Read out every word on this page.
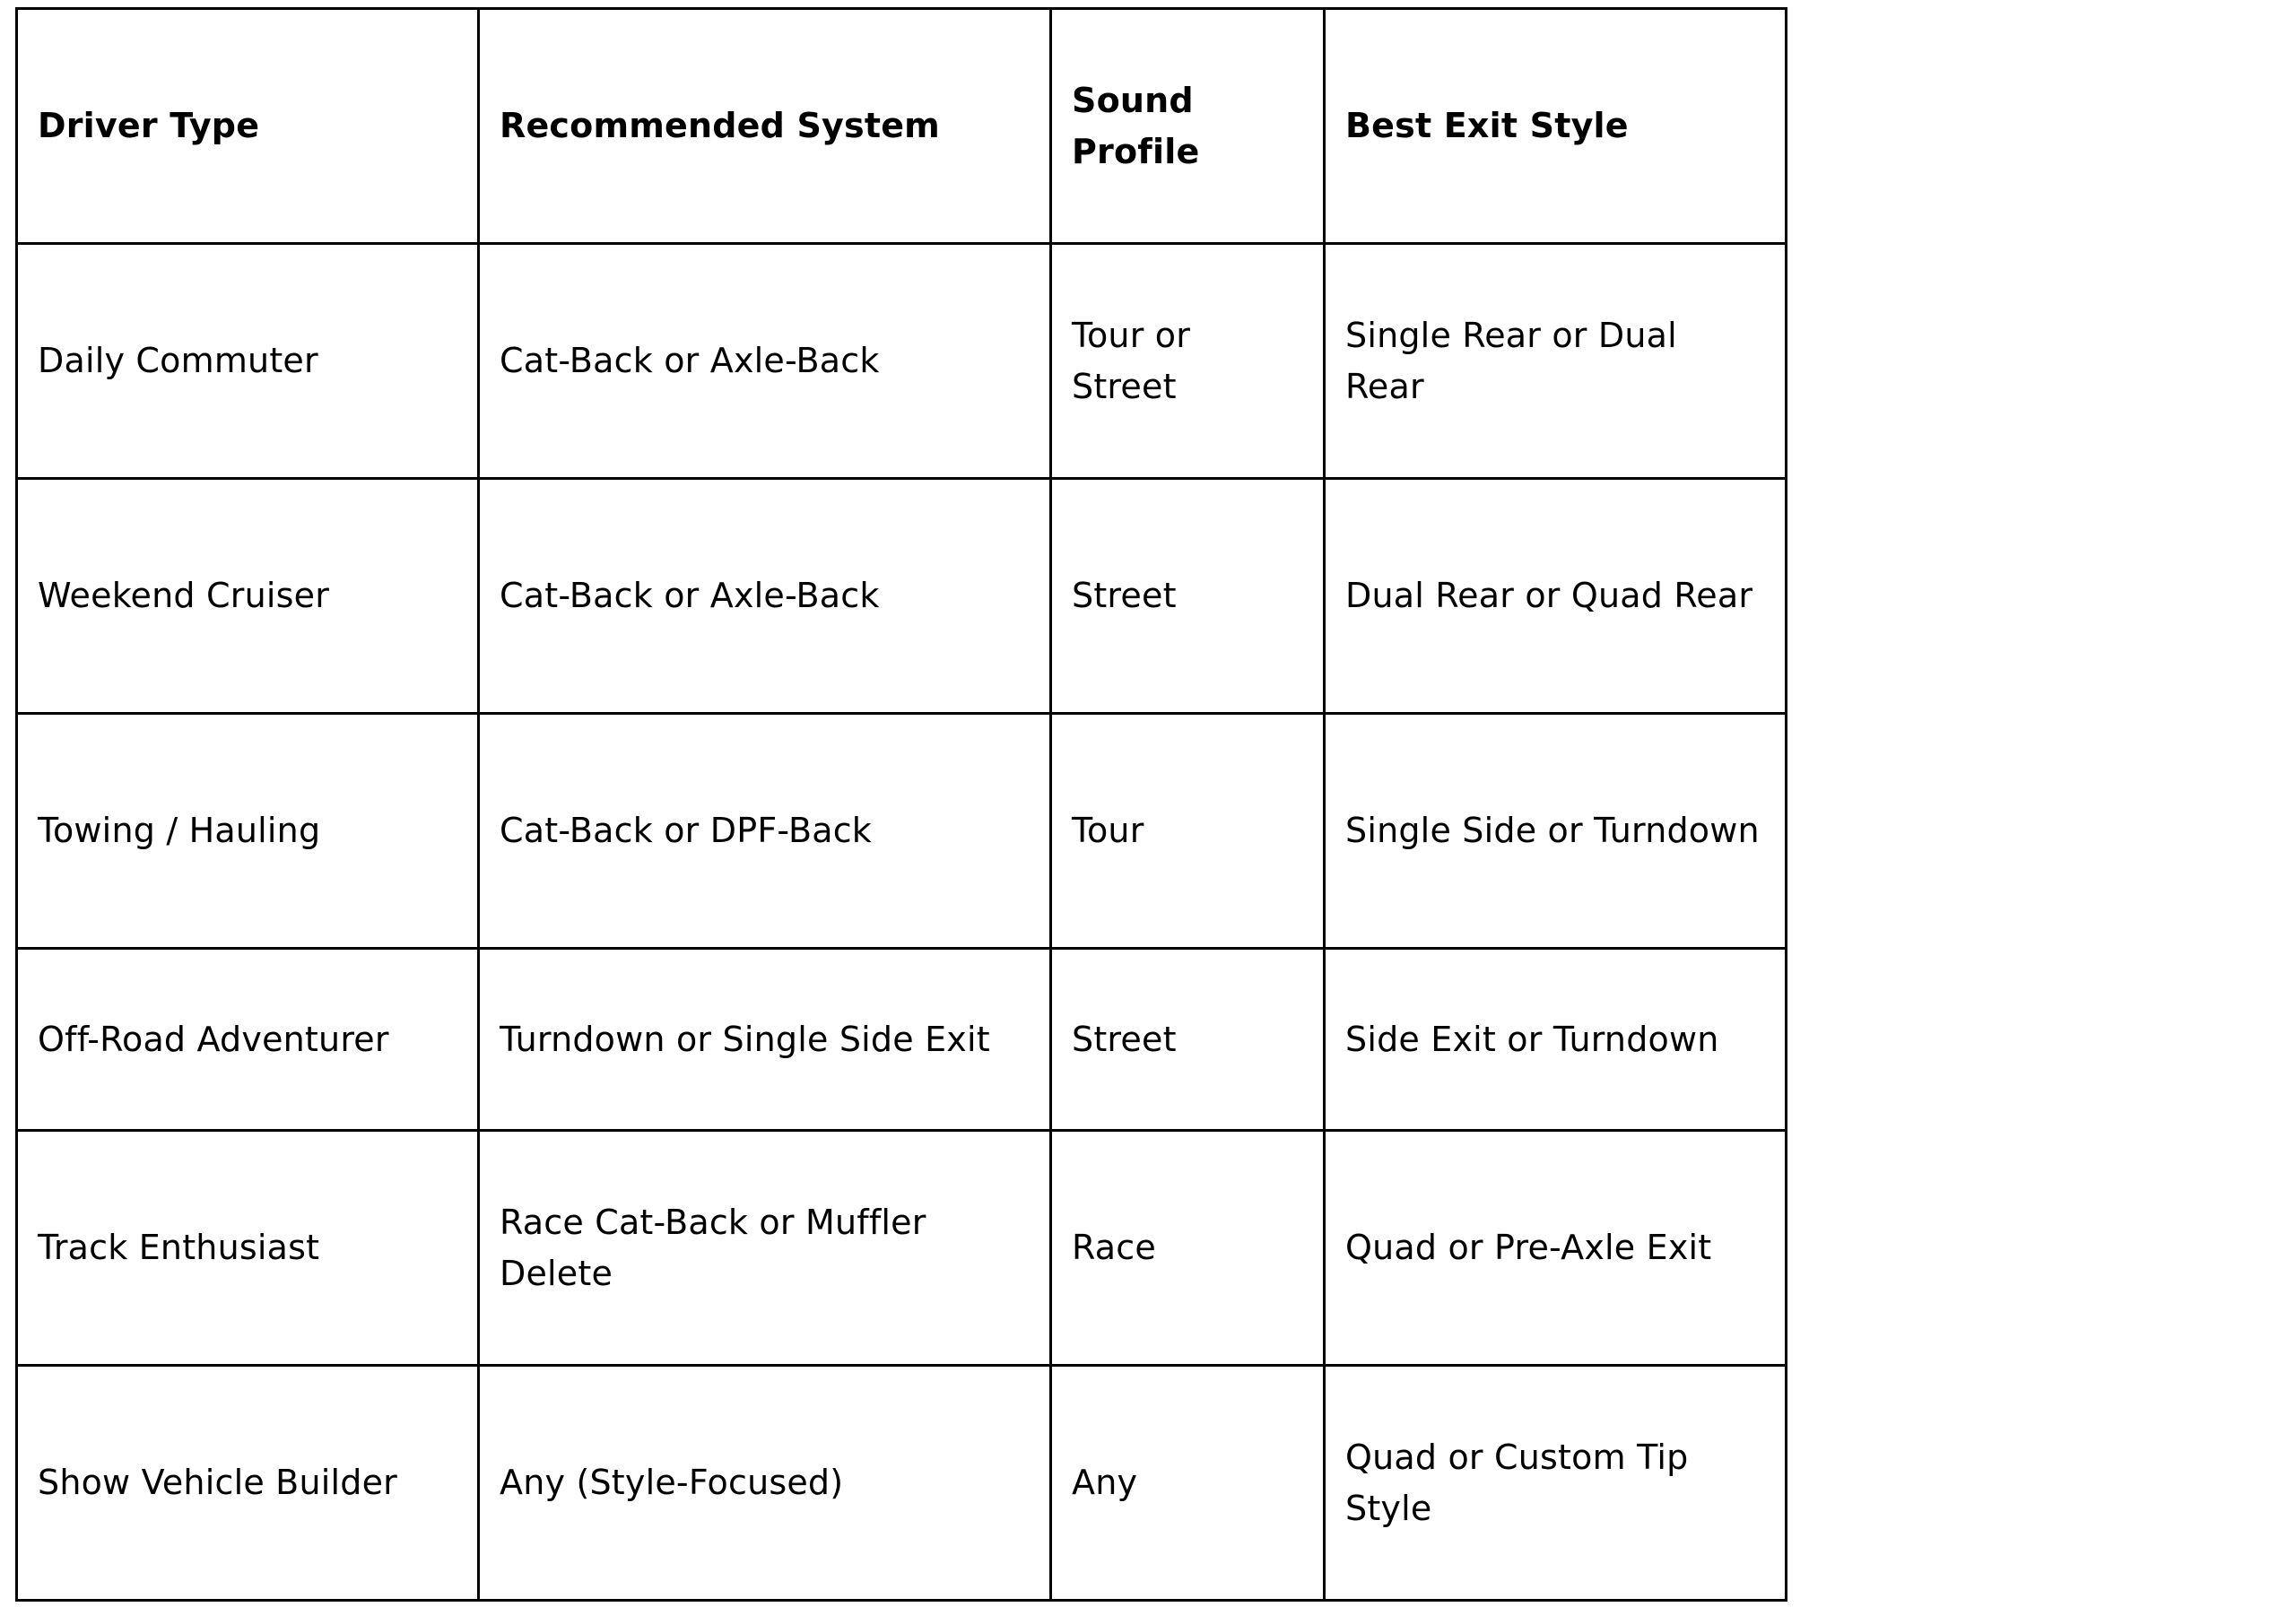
Driver Type	Recommended System	Sound Profile	Best Exit Style
Daily Commuter	Cat-Back or Axle-Back	Tour or Street	Single Rear or Dual Rear
Weekend Cruiser	Cat-Back or Axle-Back	Street	Dual Rear or Quad Rear
Towing / Hauling	Cat-Back or DPF-Back	Tour	Single Side or Turndown
Off-Road Adventurer	Turndown or Single Side Exit	Street	Side Exit or Turndown
Track Enthusiast	Race Cat-Back or Muffler Delete	Race	Quad or Pre-Axle Exit
Show Vehicle Builder	Any (Style-Focused)	Any	Quad or Custom Tip Style
